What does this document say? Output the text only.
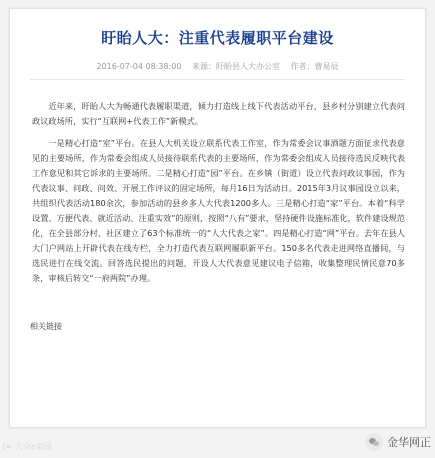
盱眙人大：注重代表履职平台建设
2016-07-04 08:38:00 来源：盱眙县人大办公室 作者：曹易辰

近年来，盱眙人大为畅通代表履职渠道，倾力打造线上线下代表活动平台，县乡村分别建立代表问政议政场所，实行“互联网+代表工作”新模式。

一是精心打造“室”平台。在县人大机关设立联系代表工作室，作为常委会议事酒题方面征求代表意见的主要场所，作为常委会组成人员接待联系代表的主要场所，作为常委会组成人员接待选民反映代表工作意见和其它诉求的主要场所。二是精心打造“园”平台。在乡镇（街道）设立代表问政议事园，作为代表议事、问政、问效、开展工作评议的固定场所，每月16日为活动日。2015年3月议事园设立以来，共组织代表活动180余次，参加活动的县乡多人大代表1200多人。三是精心打造“家”平台。本着“科学设置、方便代表、就近活动、注重实效”的原则，按照“八有”要求，坚持硬件设施标准化，软件建设规范化，在全县部分村、社区建立了63个标准统一的“人大代表之家”。四是精心打造“网”平台。去年在县人大门户网站上开辟代表在线专栏，全力打造代表互联网履职新平台。150多名代表走进网络直播间，与选民进行在线交流。回答选民提出的问题，开设人大代表意见建议电子信箱，收集整理民情民意70多条，审核后转交“一府两院”办理。

相关链接
⟨≈ 大众e家园	金华网正
